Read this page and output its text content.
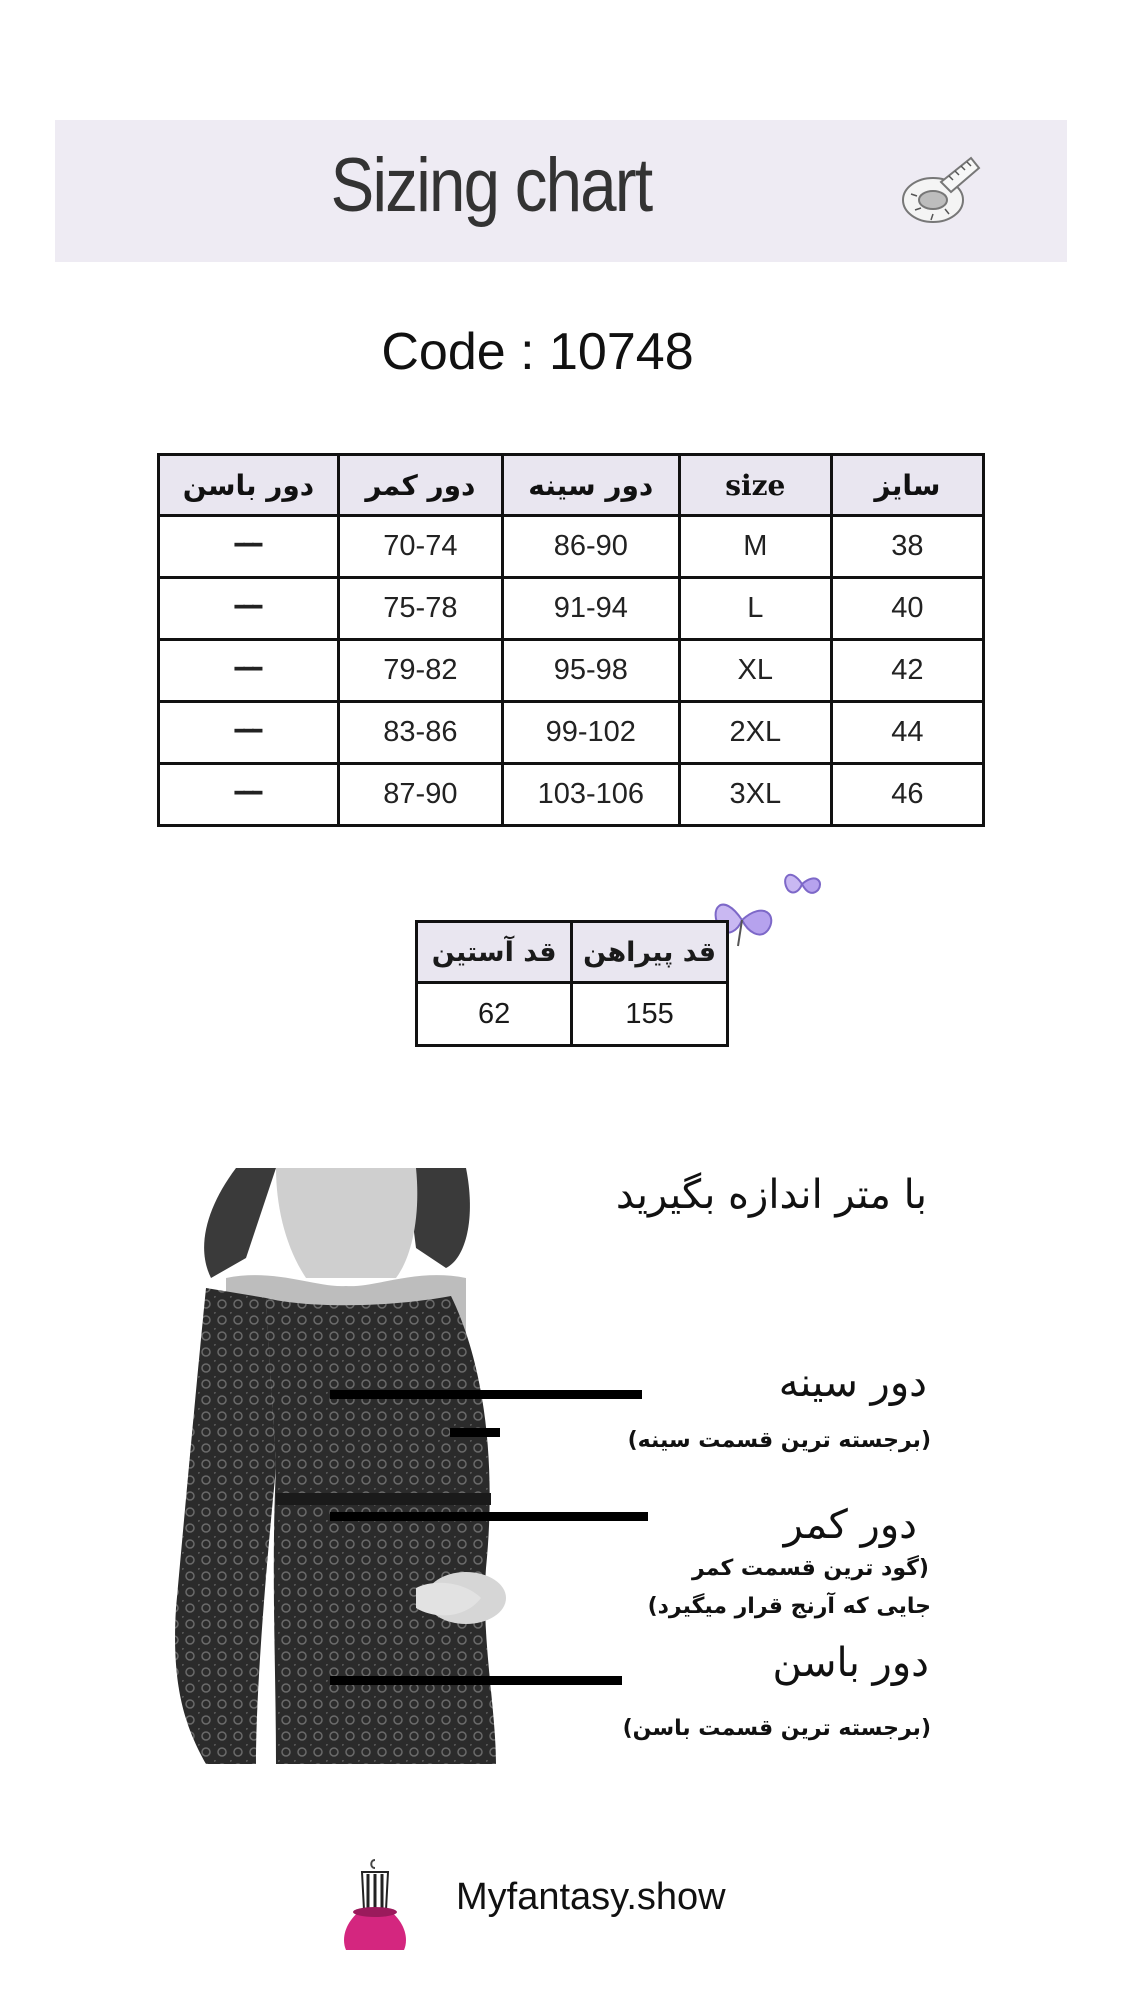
Sizing chart
Code : 10748
دور باسن	دور کمر	دور سینه	size	سایز
ـــ	70-74	86-90	M	38
ـــ	75-78	91-94	L	40
ـــ	79-82	95-98	XL	42
ـــ	83-86	99-102	2XL	44
ـــ	87-90	103-106	3XL	46
قد آستین	قد پیراهن
62	155
با متر اندازه بگیرید
دور سینه
(برجسته ترین قسمت سینه)
دور کمر
(گود ترین قسمت کمر
جایی که آرنج قرار میگیرد)
دور باسن
(برجسته ترین قسمت باسن)
Myfantasy.show
